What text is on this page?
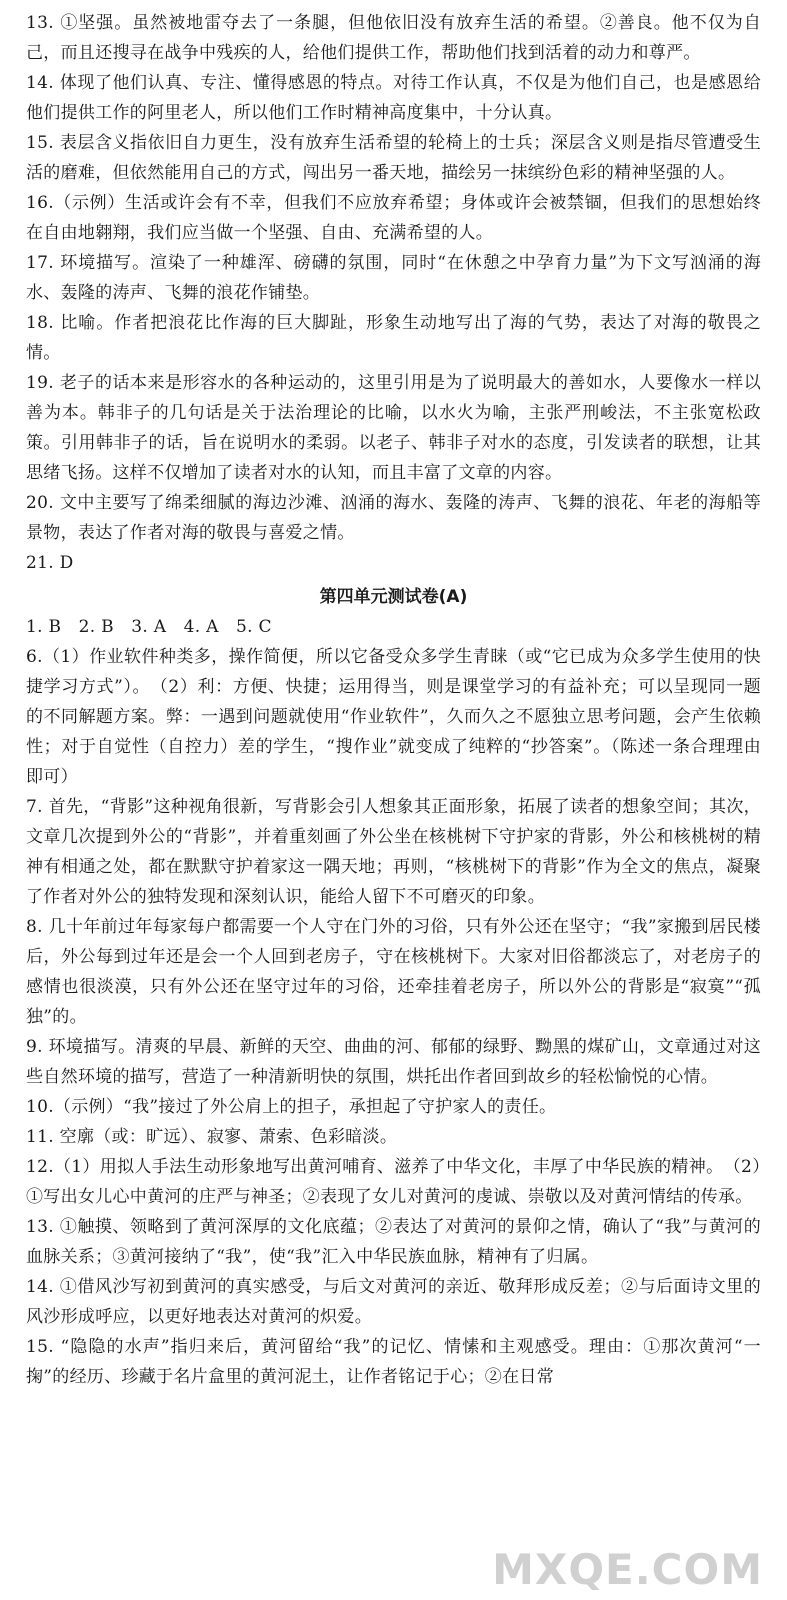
13. ①坚强。虽然被地雷夺去了一条腿，但他依旧没有放弃生活的希望。②善良。他不仅为自己，而且还搜寻在战争中残疾的人，给他们提供工作，帮助他们找到活着的动力和尊严。

14. 体现了他们认真、专注、懂得感恩的特点。对待工作认真，不仅是为他们自己，也是感恩给他们提供工作的阿里老人，所以他们工作时精神高度集中，十分认真。

15. 表层含义指依旧自力更生，没有放弃生活希望的轮椅上的士兵；深层含义则是指尽管遭受生活的磨难，但依然能用自己的方式，闯出另一番天地，描绘另一抹缤纷色彩的精神坚强的人。

16.（示例）生活或许会有不幸，但我们不应放弃希望；身体或许会被禁锢，但我们的思想始终在自由地翱翔，我们应当做一个坚强、自由、充满希望的人。

17. 环境描写。渲染了一种雄浑、磅礴的氛围，同时“在休憩之中孕育力量”为下文写汹涌的海水、轰隆的涛声、飞舞的浪花作铺垫。

18. 比喻。作者把浪花比作海的巨大脚趾，形象生动地写出了海的气势，表达了对海的敬畏之情。

19. 老子的话本来是形容水的各种运动的，这里引用是为了说明最大的善如水，人要像水一样以善为本。韩非子的几句话是关于法治理论的比喻，以水火为喻，主张严刑峻法，不主张宽松政策。引用韩非子的话，旨在说明水的柔弱。以老子、韩非子对水的态度，引发读者的联想，让其思绪飞扬。这样不仅增加了读者对水的认知，而且丰富了文章的内容。

20. 文中主要写了绵柔细腻的海边沙滩、汹涌的海水、轰隆的涛声、飞舞的浪花、年老的海船等景物，表达了作者对海的敬畏与喜爱之情。

21. D

第四单元测试卷(A)

1. B　2. B　3. A　4. A　5. C

6.（1）作业软件种类多，操作简便，所以它备受众多学生青睐（或“它已成为众多学生使用的快捷学习方式”）。　（2）利：方便、快捷；运用得当，则是课堂学习的有益补充；可以呈现同一题的不同解题方案。弊：一遇到问题就使用“作业软件”，久而久之不愿独立思考问题，会产生依赖性；对于自觉性（自控力）差的学生，“搜作业”就变成了纯粹的“抄答案”。（陈述一条合理理由即可）

7. 首先，“背影”这种视角很新，写背影会引人想象其正面形象，拓展了读者的想象空间；其次，文章几次提到外公的“背影”，并着重刻画了外公坐在核桃树下守护家的背影，外公和核桃树的精神有相通之处，都在默默守护着家这一隅天地；再则，“核桃树下的背影”作为全文的焦点，凝聚了作者对外公的独特发现和深刻认识，能给人留下不可磨灭的印象。

8. 几十年前过年每家每户都需要一个人守在门外的习俗，只有外公还在坚守；“我”家搬到居民楼后，外公每到过年还是会一个人回到老房子，守在核桃树下。大家对旧俗都淡忘了，对老房子的感情也很淡漠，只有外公还在坚守过年的习俗，还牵挂着老房子，所以外公的背影是“寂寞”“孤独”的。

9. 环境描写。清爽的早晨、新鲜的天空、曲曲的河、郁郁的绿野、黝黑的煤矿山，文章通过对这些自然环境的描写，营造了一种清新明快的氛围，烘托出作者回到故乡的轻松愉悦的心情。

10.（示例）“我”接过了外公肩上的担子，承担起了守护家人的责任。

11. 空廓（或：旷远）、寂寥、萧索、色彩暗淡。

12.（1）用拟人手法生动形象地写出黄河哺育、滋养了中华文化，丰厚了中华民族的精神。　（2）①写出女儿心中黄河的庄严与神圣；②表现了女儿对黄河的虔诚、崇敬以及对黄河情结的传承。

13. ①触摸、领略到了黄河深厚的文化底蕴；②表达了对黄河的景仰之情，确认了“我”与黄河的血脉关系；③黄河接纳了“我”，使“我”汇入中华民族血脉，精神有了归属。

14. ①借风沙写初到黄河的真实感受，与后文对黄河的亲近、敬拜形成反差；②与后面诗文里的风沙形成呼应，以更好地表达对黄河的炽爱。

15. “隐隐的水声”指归来后，黄河留给“我”的记忆、情愫和主观感受。理由：①那次黄河“一掬”的经历、珍藏于名片盒里的黄河泥土，让作者铭记于心；②在日常

MXQE.COM
